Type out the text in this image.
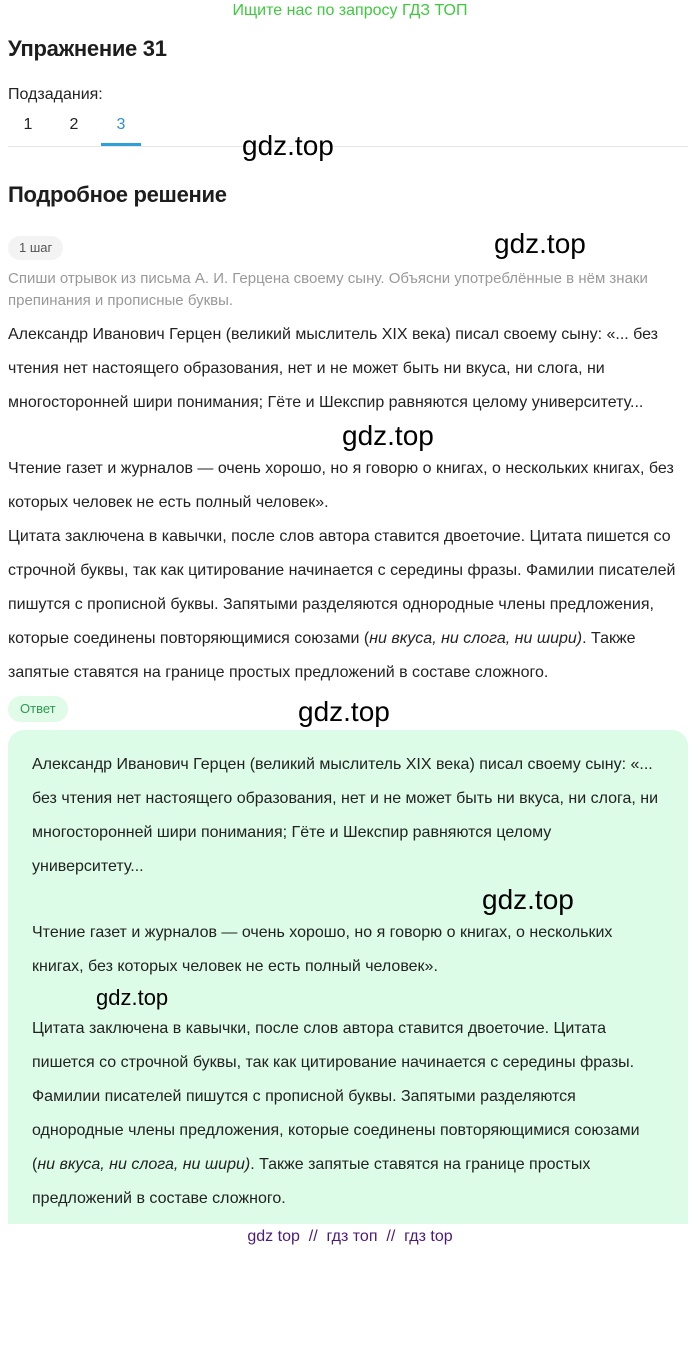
Ищите нас по запросу ГДЗ ТОП
Упражнение 31
Подзадания:
1	2	3
gdz.top
Подробное решение
1 шаг	gdz.top
Спиши отрывок из письма А. И. Герцена своему сыну. Объясни употреблённые в нём знаки препинания и прописные буквы.

Александр Иванович Герцен (великий мыслитель XIX века) писал своему сыну: «... без чтения нет настоящего образования, нет и не может быть ни вкуса, ни слога, ни многосторонней шири понимания; Гёте и Шекспир равняются целому университету...

gdz.top

Чтение газет и журналов — очень хорошо, но я говорю о книгах, о нескольких книгах, без которых человек не есть полный человек».

Цитата заключена в кавычки, после слов автора ставится двоеточие. Цитата пишется со строчной буквы, так как цитирование начинается с середины фразы. Фамилии писателей пишутся с прописной буквы. Запятыми разделяются однородные члены предложения, которые соединены повторяющимися союзами (ни вкуса, ни слога, ни шири). Также запятые ставятся на границе простых предложений в составе сложного.

Ответ	gdz.top

Александр Иванович Герцен (великий мыслитель XIX века) писал своему сыну: «... без чтения нет настоящего образования, нет и не может быть ни вкуса, ни слога, ни многосторонней шири понимания; Гёте и Шекспир равняются целому университету...

gdz.top

Чтение газет и журналов — очень хорошо, но я говорю о книгах, о нескольких книгах, без которых человек не есть полный человек».

gdz.top

Цитата заключена в кавычки, после слов автора ставится двоеточие. Цитата пишется со строчной буквы, так как цитирование начинается с середины фразы. Фамилии писателей пишутся с прописной буквы. Запятыми разделяются однородные члены предложения, которые соединены повторяющимися союзами (ни вкуса, ни слога, ни шири). Также запятые ставятся на границе простых предложений в составе сложного.

gdz top  //  гдз топ  //  гдз top
